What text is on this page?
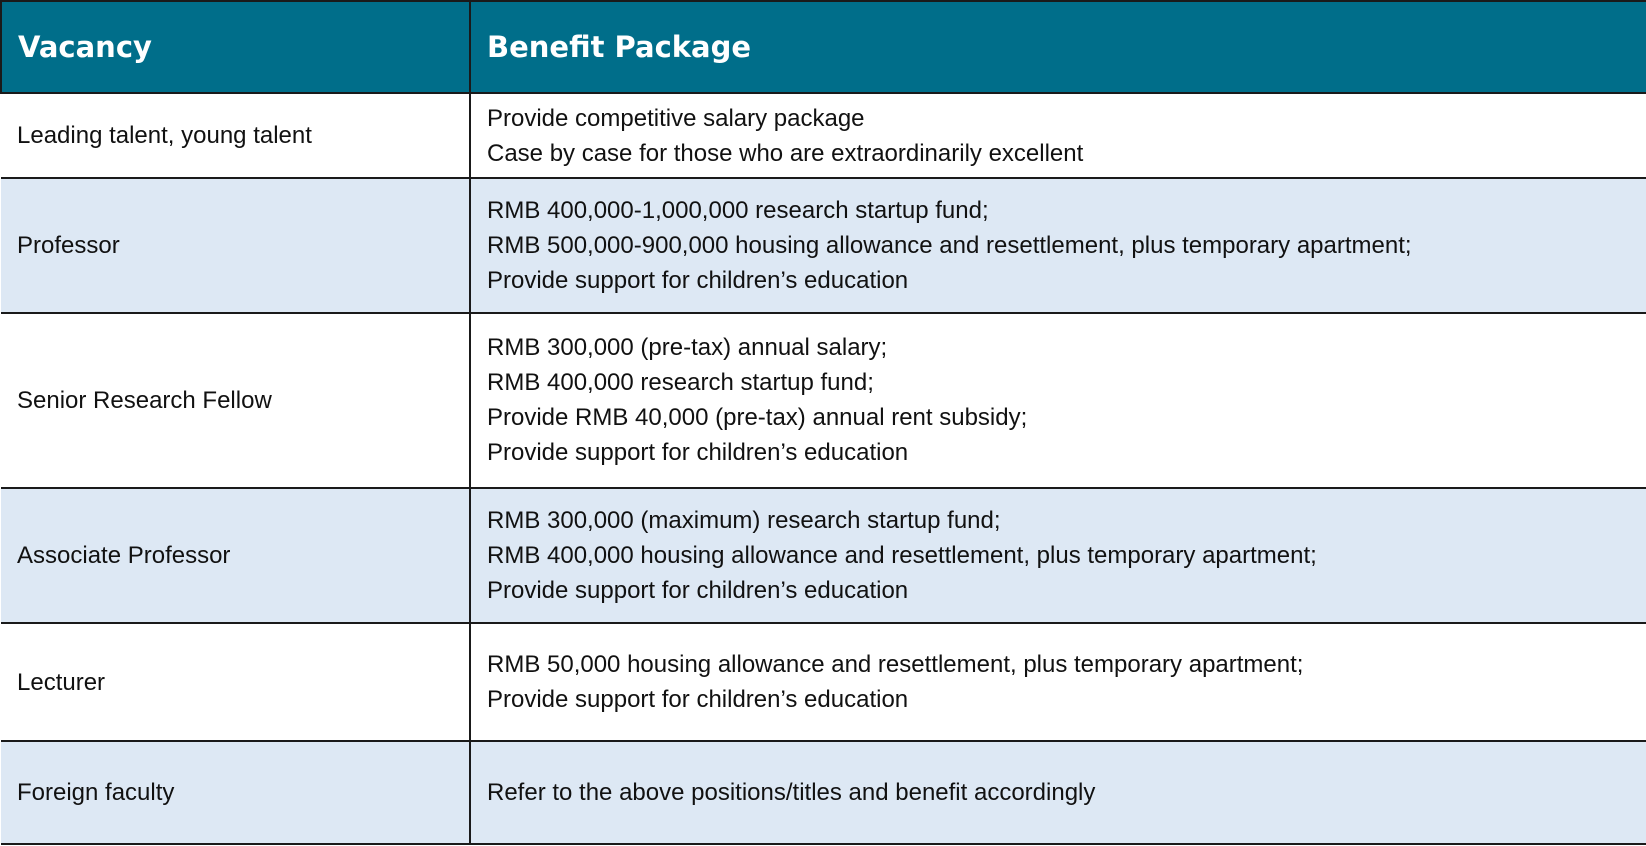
Vacancy	Benefit Package
Leading talent, young talent	Provide competitive salary package
Case by case for those who are extraordinarily excellent

Professor	RMB 400,000-1,000,000 research startup fund;
RMB 500,000-900,000 housing allowance and resettlement, plus temporary apartment;
Provide support for children’s education

Senior Research Fellow	RMB 300,000 (pre-tax) annual salary;
RMB 400,000 research startup fund;
Provide RMB 40,000 (pre-tax) annual rent subsidy;
Provide support for children’s education

Associate Professor	RMB 300,000 (maximum) research startup fund;
RMB 400,000 housing allowance and resettlement, plus temporary apartment;
Provide support for children’s education

Lecturer	RMB 50,000 housing allowance and resettlement, plus temporary apartment;
Provide support for children’s education

Foreign faculty	Refer to the above positions/titles and benefit accordingly
